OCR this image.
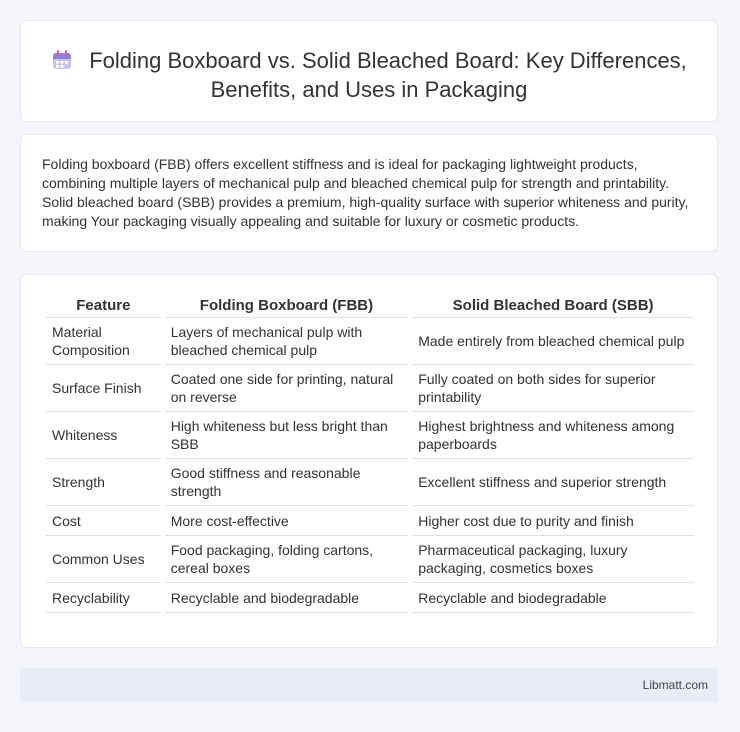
Folding Boxboard vs. Solid Bleached Board: Key Differences, Benefits, and Uses in Packaging

Folding boxboard (FBB) offers excellent stiffness and is ideal for packaging lightweight products, combining multiple layers of mechanical pulp and bleached chemical pulp for strength and printability. Solid bleached board (SBB) provides a premium, high-quality surface with superior whiteness and purity, making Your packaging visually appealing and suitable for luxury or cosmetic products.

Feature	Folding Boxboard (FBB)	Solid Bleached Board (SBB)
Material Composition	Layers of mechanical pulp with bleached chemical pulp	Made entirely from bleached chemical pulp
Surface Finish	Coated one side for printing, natural on reverse	Fully coated on both sides for superior printability
Whiteness	High whiteness but less bright than SBB	Highest brightness and whiteness among paperboards
Strength	Good stiffness and reasonable strength	Excellent stiffness and superior strength
Cost	More cost-effective	Higher cost due to purity and finish
Common Uses	Food packaging, folding cartons, cereal boxes	Pharmaceutical packaging, luxury packaging, cosmetics boxes
Recyclability	Recyclable and biodegradable	Recyclable and biodegradable
Libmatt.com
